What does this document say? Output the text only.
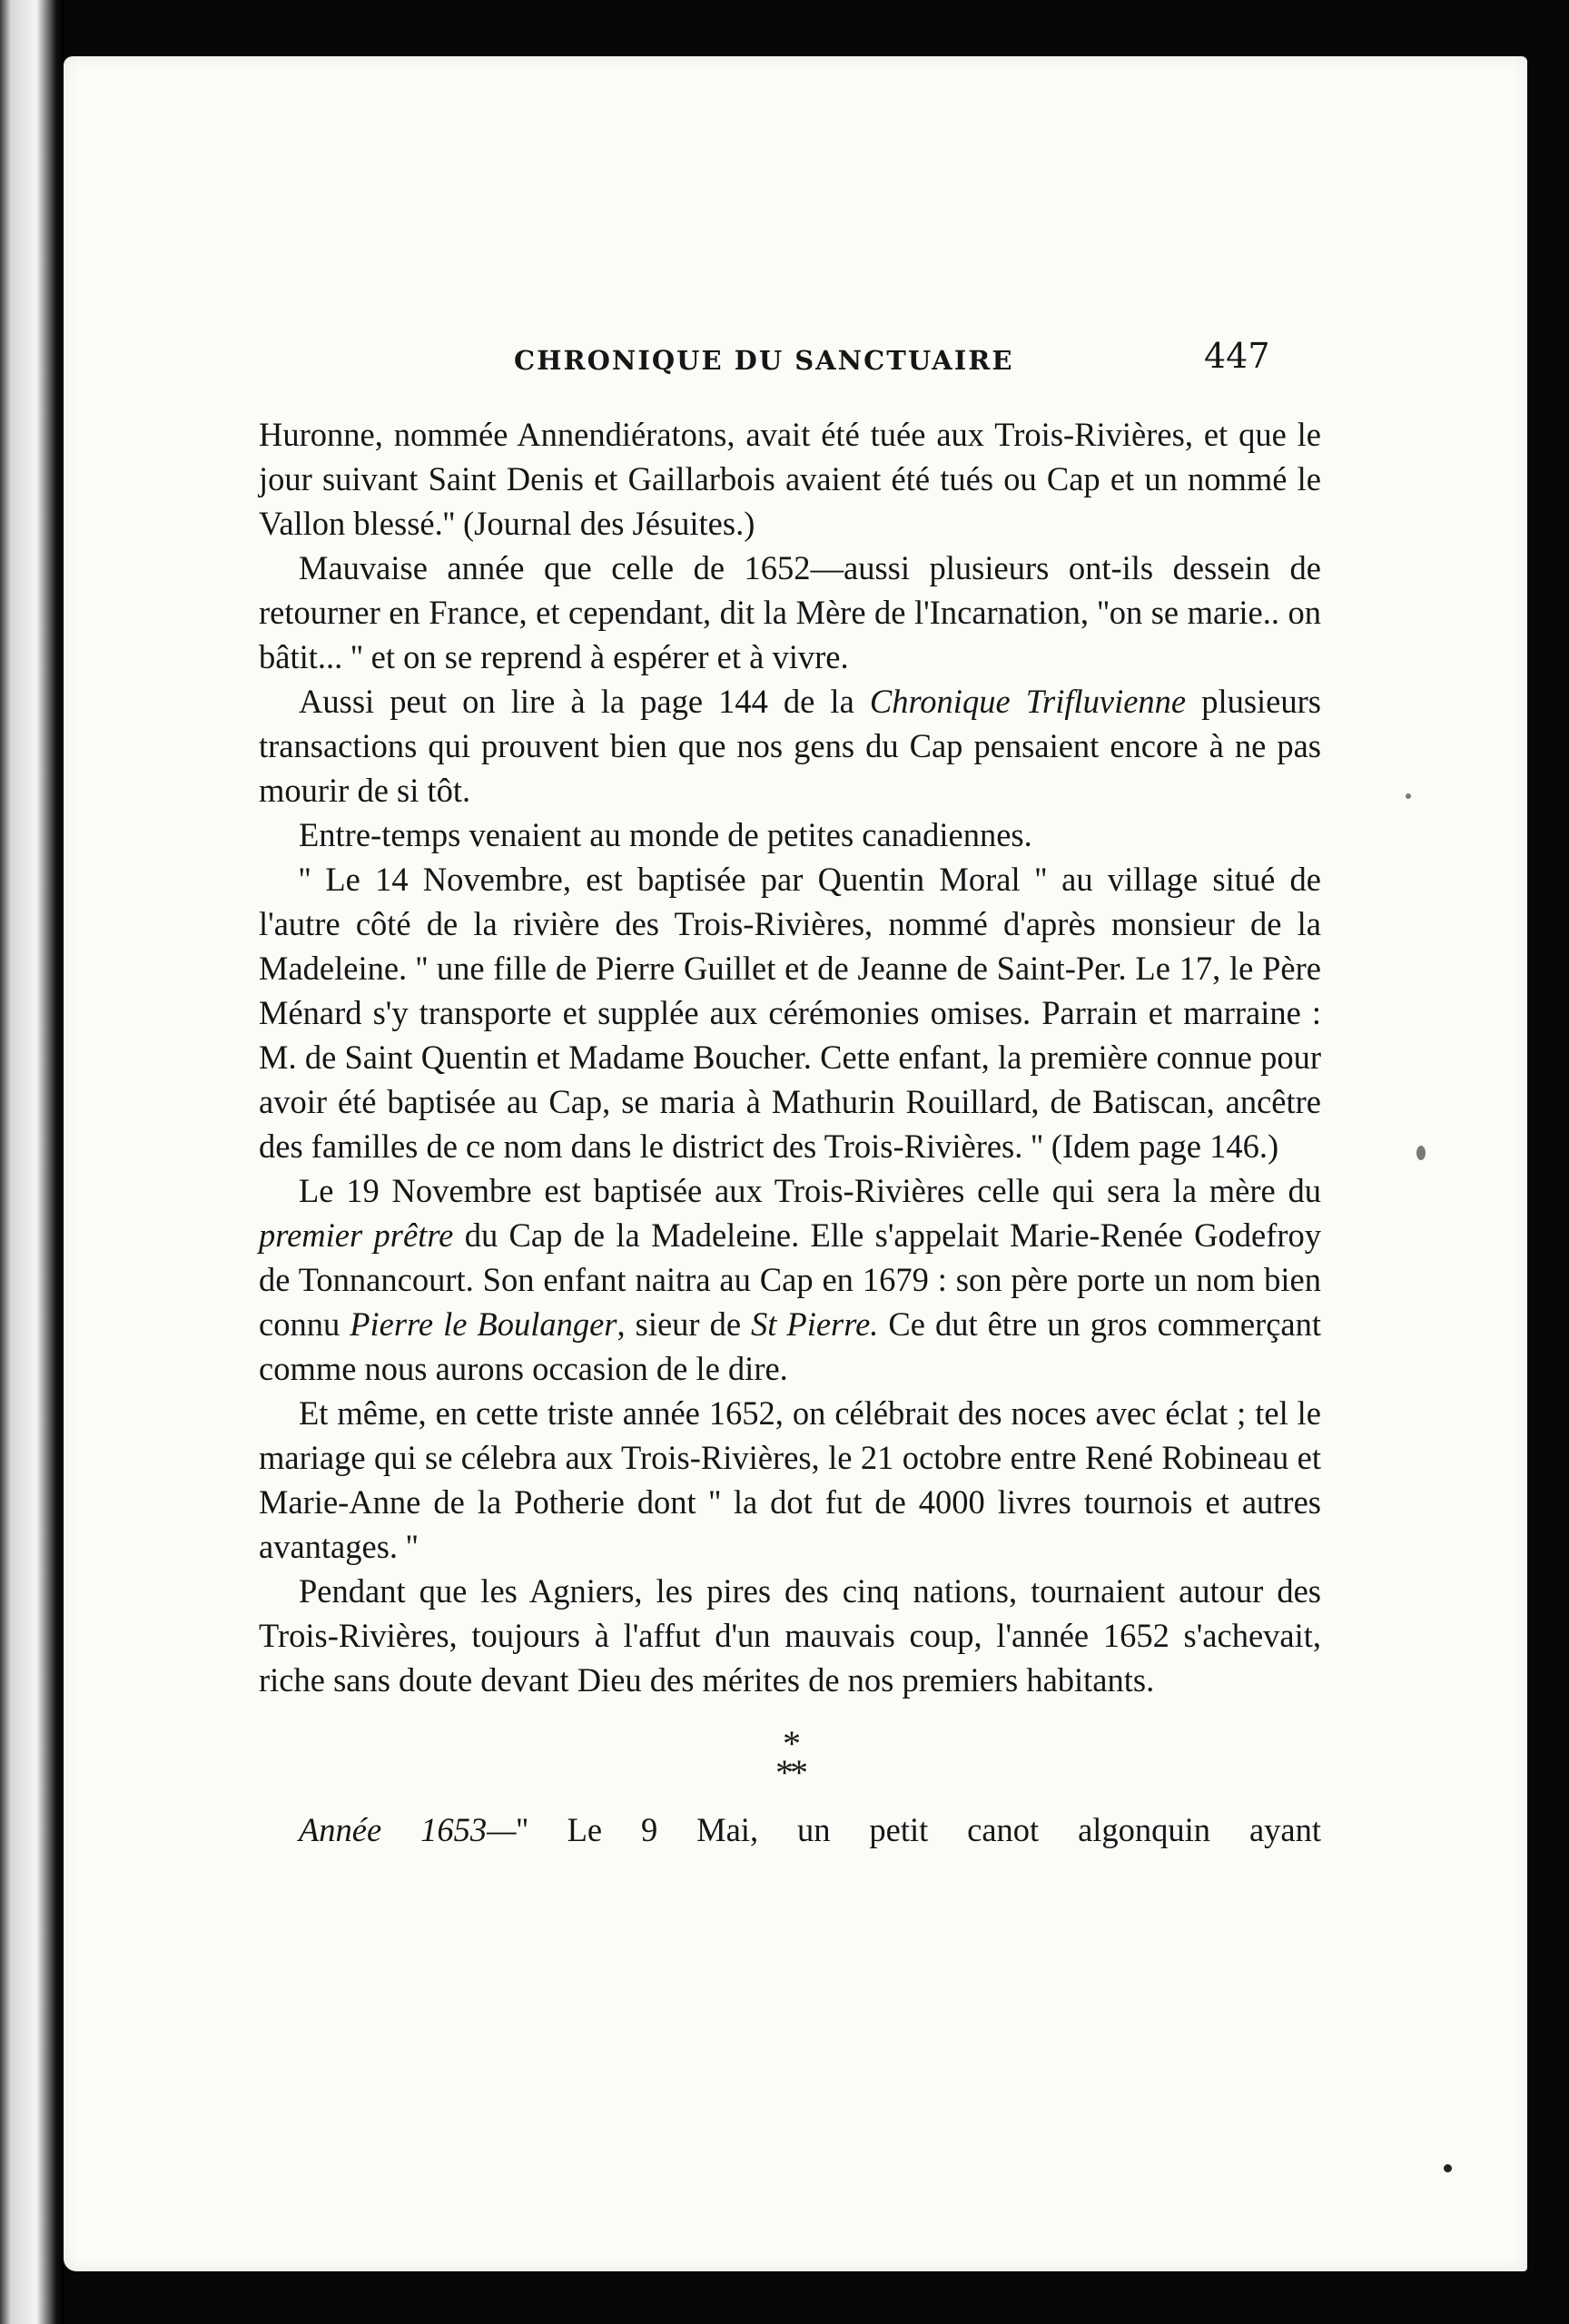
CHRONIQUE DU SANCTUAIRE	447

Huronne, nommée Annendiératons, avait été tuée aux Trois-Rivières, et que le jour suivant Saint Denis et Gaillarbois avaient été tués ou Cap et un nommé le Vallon blessé.'' (Journal des Jésuites.)

Mauvaise année que celle de 1652—aussi plusieurs ont-ils dessein de retourner en France, et cependant, dit la Mère de l'Incarnation, ''on se marie.. on bâtit... '' et on se reprend à espérer et à vivre.

Aussi peut on lire à la page 144 de la Chronique Trifluvienne plusieurs transactions qui prouvent bien que nos gens du Cap pensaient encore à ne pas mourir de si tôt.

Entre-temps venaient au monde de petites canadiennes.

'' Le 14 Novembre, est baptisée par Quentin Moral '' au village situé de l'autre côté de la rivière des Trois-Rivières, nommé d'après monsieur de la Madeleine. '' une fille de Pierre Guillet et de Jeanne de Saint-Per. Le 17, le Père Ménard s'y transporte et supplée aux cérémonies omises. Parrain et marraine : M. de Saint Quentin et Madame Boucher. Cette enfant, la première connue pour avoir été baptisée au Cap, se maria à Mathurin Rouillard, de Batiscan, ancêtre des familles de ce nom dans le district des Trois-Rivières. '' (Idem page 146.)

Le 19 Novembre est baptisée aux Trois-Rivières celle qui sera la mère du premier prêtre du Cap de la Madeleine. Elle s'appelait Marie-Renée Godefroy de Tonnancourt. Son enfant naitra au Cap en 1679 : son père porte un nom bien connu Pierre le Boulanger, sieur de St Pierre. Ce dut être un gros commerçant comme nous aurons occasion de le dire.

Et même, en cette triste année 1652, on célébrait des noces avec éclat ; tel le mariage qui se célebra aux Trois-Rivières, le 21 octobre entre René Robineau et Marie-Anne de la Potherie dont '' la dot fut de 4000 livres tournois et autres avantages. ''

Pendant que les Agniers, les pires des cinq nations, tournaient autour des Trois-Rivières, toujours à l'affut d'un mauvais coup, l'année 1652 s'achevait, riche sans doute devant Dieu des mérites de nos premiers habitants.

*
**

Année 1653—'' Le 9 Mai, un petit canot algonquin ayant
